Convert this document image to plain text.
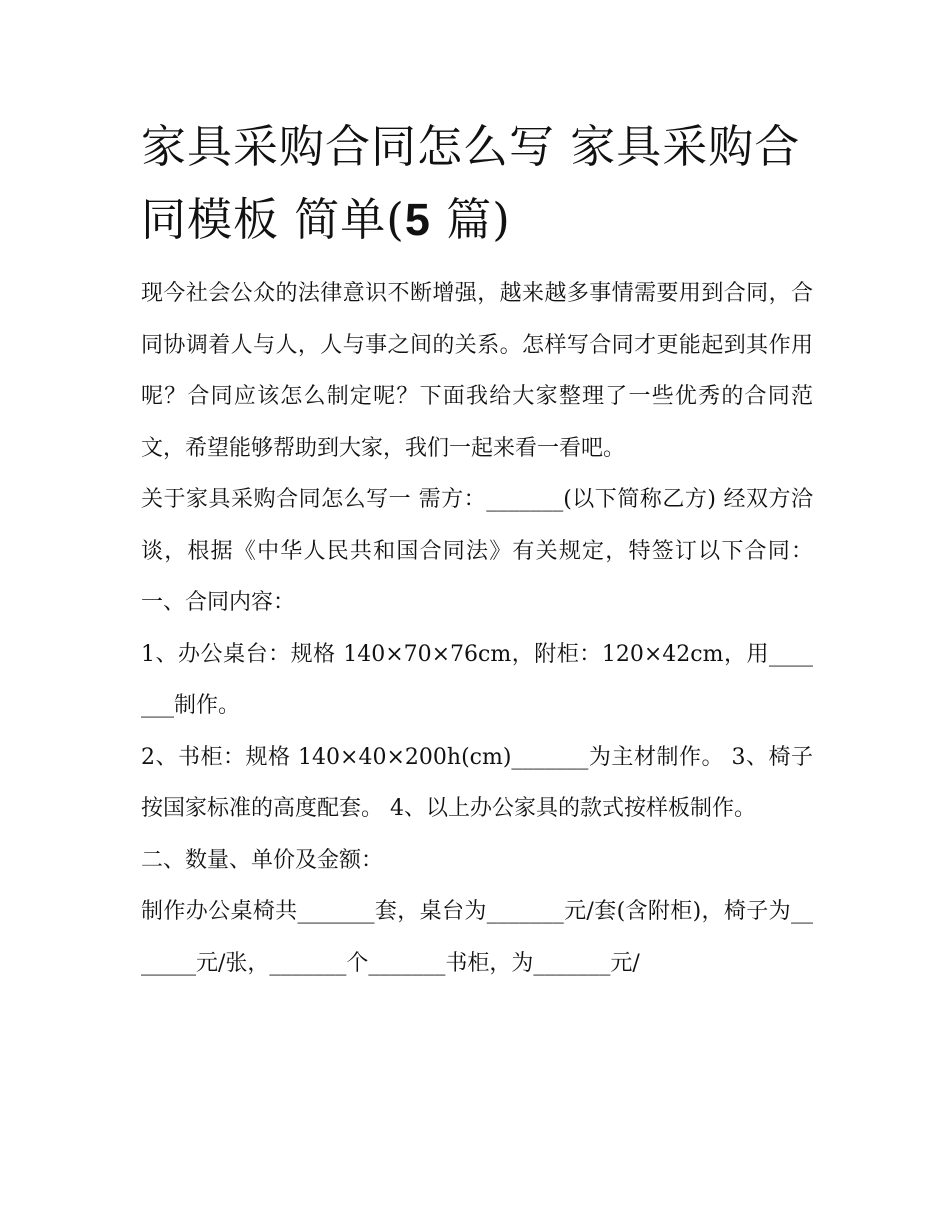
家具采购合同怎么写 家具采购合同模板 简单(5 篇)

现今社会公众的法律意识不断增强，越来越多事情需要用到合同，合同协调着人与人，人与事之间的关系。怎样写合同才更能起到其作用呢？合同应该怎么制定呢？下面我给大家整理了一些优秀的合同范文，希望能够帮助到大家，我们一起来看一看吧。

关于家具采购合同怎么写一 需方：_______(以下简称乙方) 经双方洽谈，根据《中华人民共和国合同法》有关规定，特签订以下合同： 一、合同内容：

1、办公桌台：规格 140×70×76cm，附柜：120×42cm，用_______制作。

2、书柜：规格 140×40×200h(cm)_______为主材制作。 3、椅子按国家标准的高度配套。 4、以上办公家具的款式按样板制作。

二、数量、单价及金额：

制作办公桌椅共_______套，桌台为_______元/套(含附柜)，椅子为_______元/张，_______个_______书柜，为_______元/
